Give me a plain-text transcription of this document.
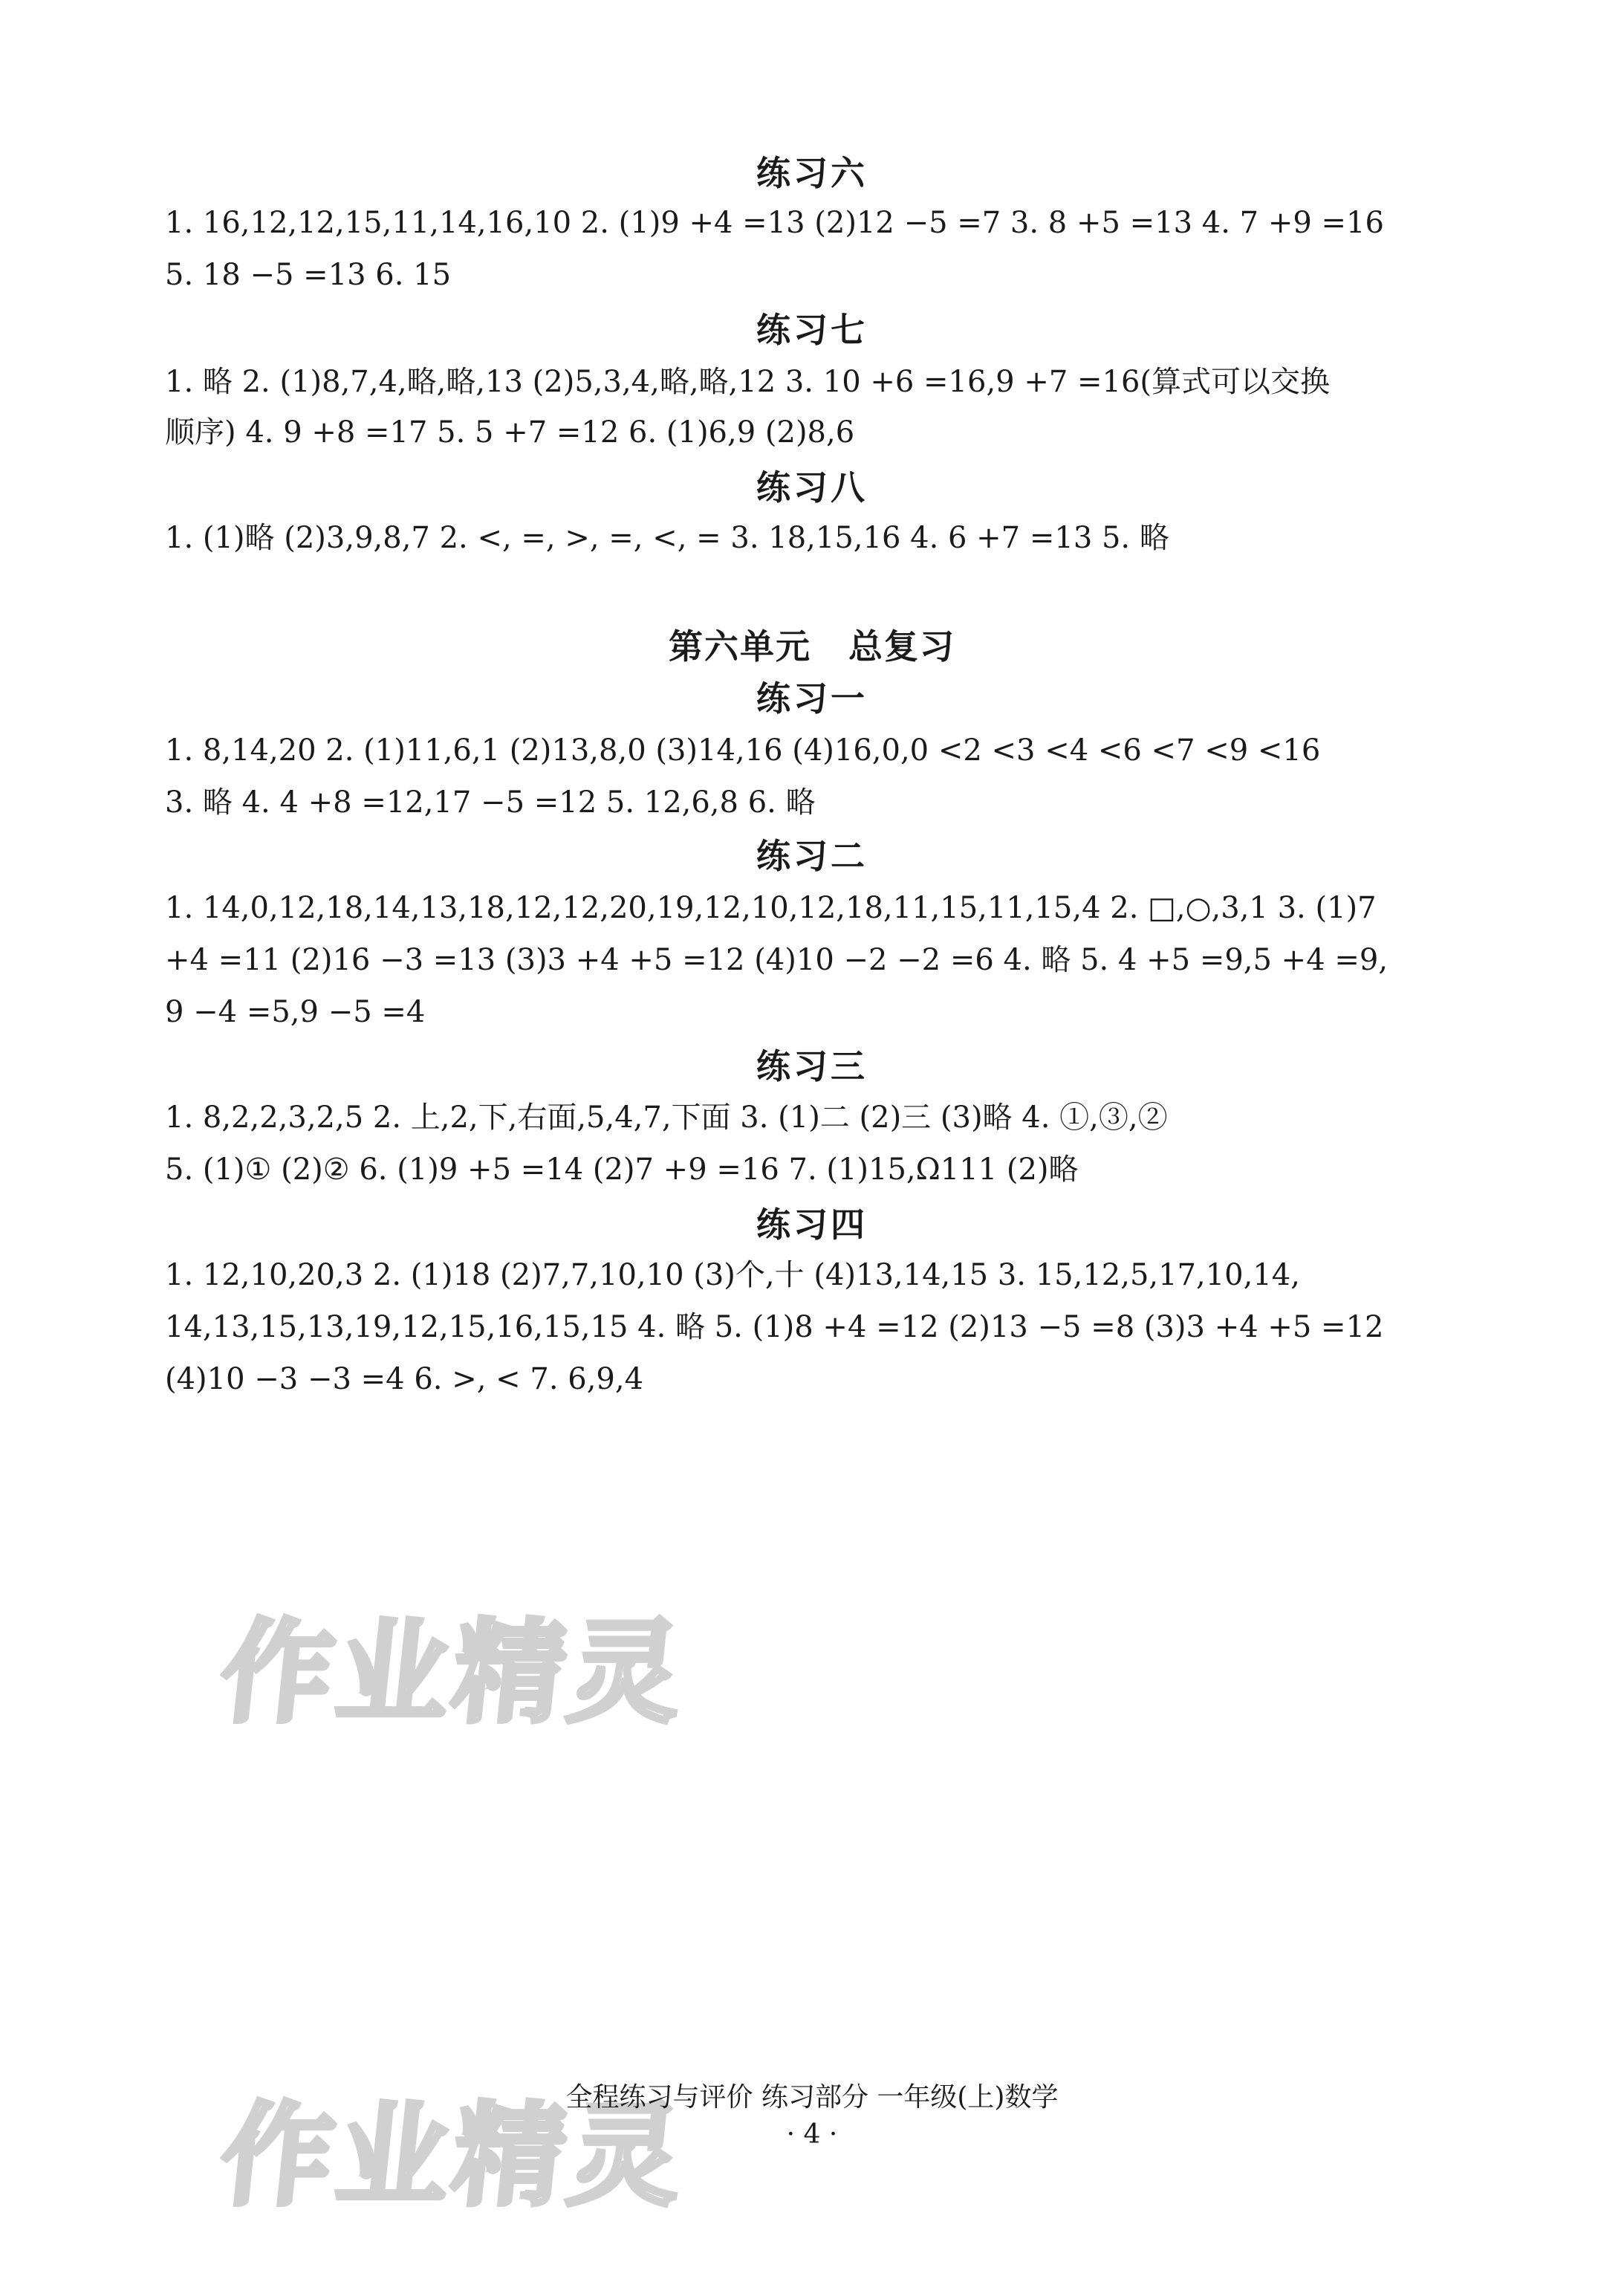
练习六
1. 16,12,12,15,11,14,16,10 2. (1)9 +4 =13 (2)12 −5 =7 3. 8 +5 =13 4. 7 +9 =16
5. 18 −5 =13 6. 15
练习七
1. 略 2. (1)8,7,4,略,略,13 (2)5,3,4,略,略,12 3. 10 +6 =16,9 +7 =16(算式可以交换
顺序) 4. 9 +8 =17 5. 5 +7 =12 6. (1)6,9 (2)8,6
练习八
1. (1)略 (2)3,9,8,7 2. <, =, >, =, <, = 3. 18,15,16 4. 6 +7 =13 5. 略
第六单元 总复习
练习一
1. 8,14,20 2. (1)11,6,1 (2)13,8,0 (3)14,16 (4)16,0,0 <2 <3 <4 <6 <7 <9 <16
3. 略 4. 4 +8 =12,17 −5 =12 5. 12,6,8 6. 略
练习二
1. 14,0,12,18,14,13,18,12,12,20,19,12,10,12,18,11,15,11,15,4 2. □,○,3,1 3. (1)7
+4 =11 (2)16 −3 =13 (3)3 +4 +5 =12 (4)10 −2 −2 =6 4. 略 5. 4 +5 =9,5 +4 =9,
9 −4 =5,9 −5 =4
练习三
1. 8,2,2,3,2,5 2. 上,2,下,右面,5,4,7,下面 3. (1)二 (2)三 (3)略 4. ①,③,②
5. (1)① (2)② 6. (1)9 +5 =14 (2)7 +9 =16 7. (1)15,Ω111 (2)略
练习四
1. 12,10,20,3 2. (1)18 (2)7,7,10,10 (3)个,十 (4)13,14,15 3. 15,12,5,17,10,14,
14,13,15,13,19,12,15,16,15,15 4. 略 5. (1)8 +4 =12 (2)13 −5 =8 (3)3 +4 +5 =12
(4)10 −3 −3 =4 6. >, < 7. 6,9,4
作业精灵
作业精灵
全程练习与评价 练习部分 一年级(上)数学
· 4 ·
